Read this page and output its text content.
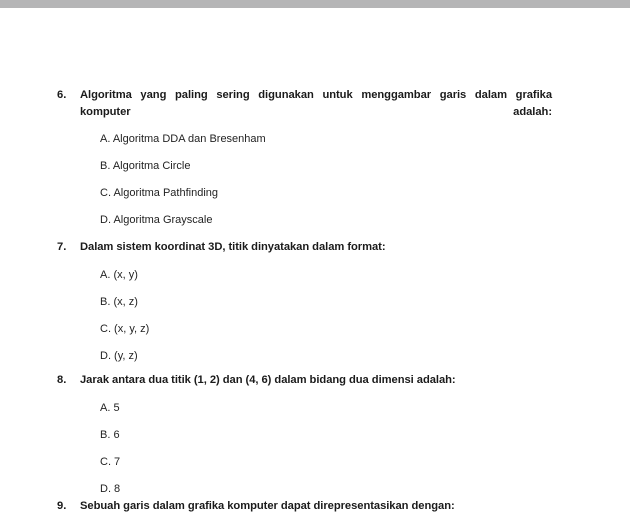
6.	Algoritma yang paling sering digunakan untuk menggambar garis dalam grafika komputer adalah:
A. Algoritma DDA dan Bresenham
B. Algoritma Circle
C. Algoritma Pathfinding
D. Algoritma Grayscale
7.	Dalam sistem koordinat 3D, titik dinyatakan dalam format:
A. (x, y)
B. (x, z)
C. (x, y, z)
D. (y, z)
8.	Jarak antara dua titik (1, 2) dan (4, 6) dalam bidang dua dimensi adalah:
A. 5
B. 6
C. 7
D. 8
9.	Sebuah garis dalam grafika komputer dapat direpresentasikan dengan:
